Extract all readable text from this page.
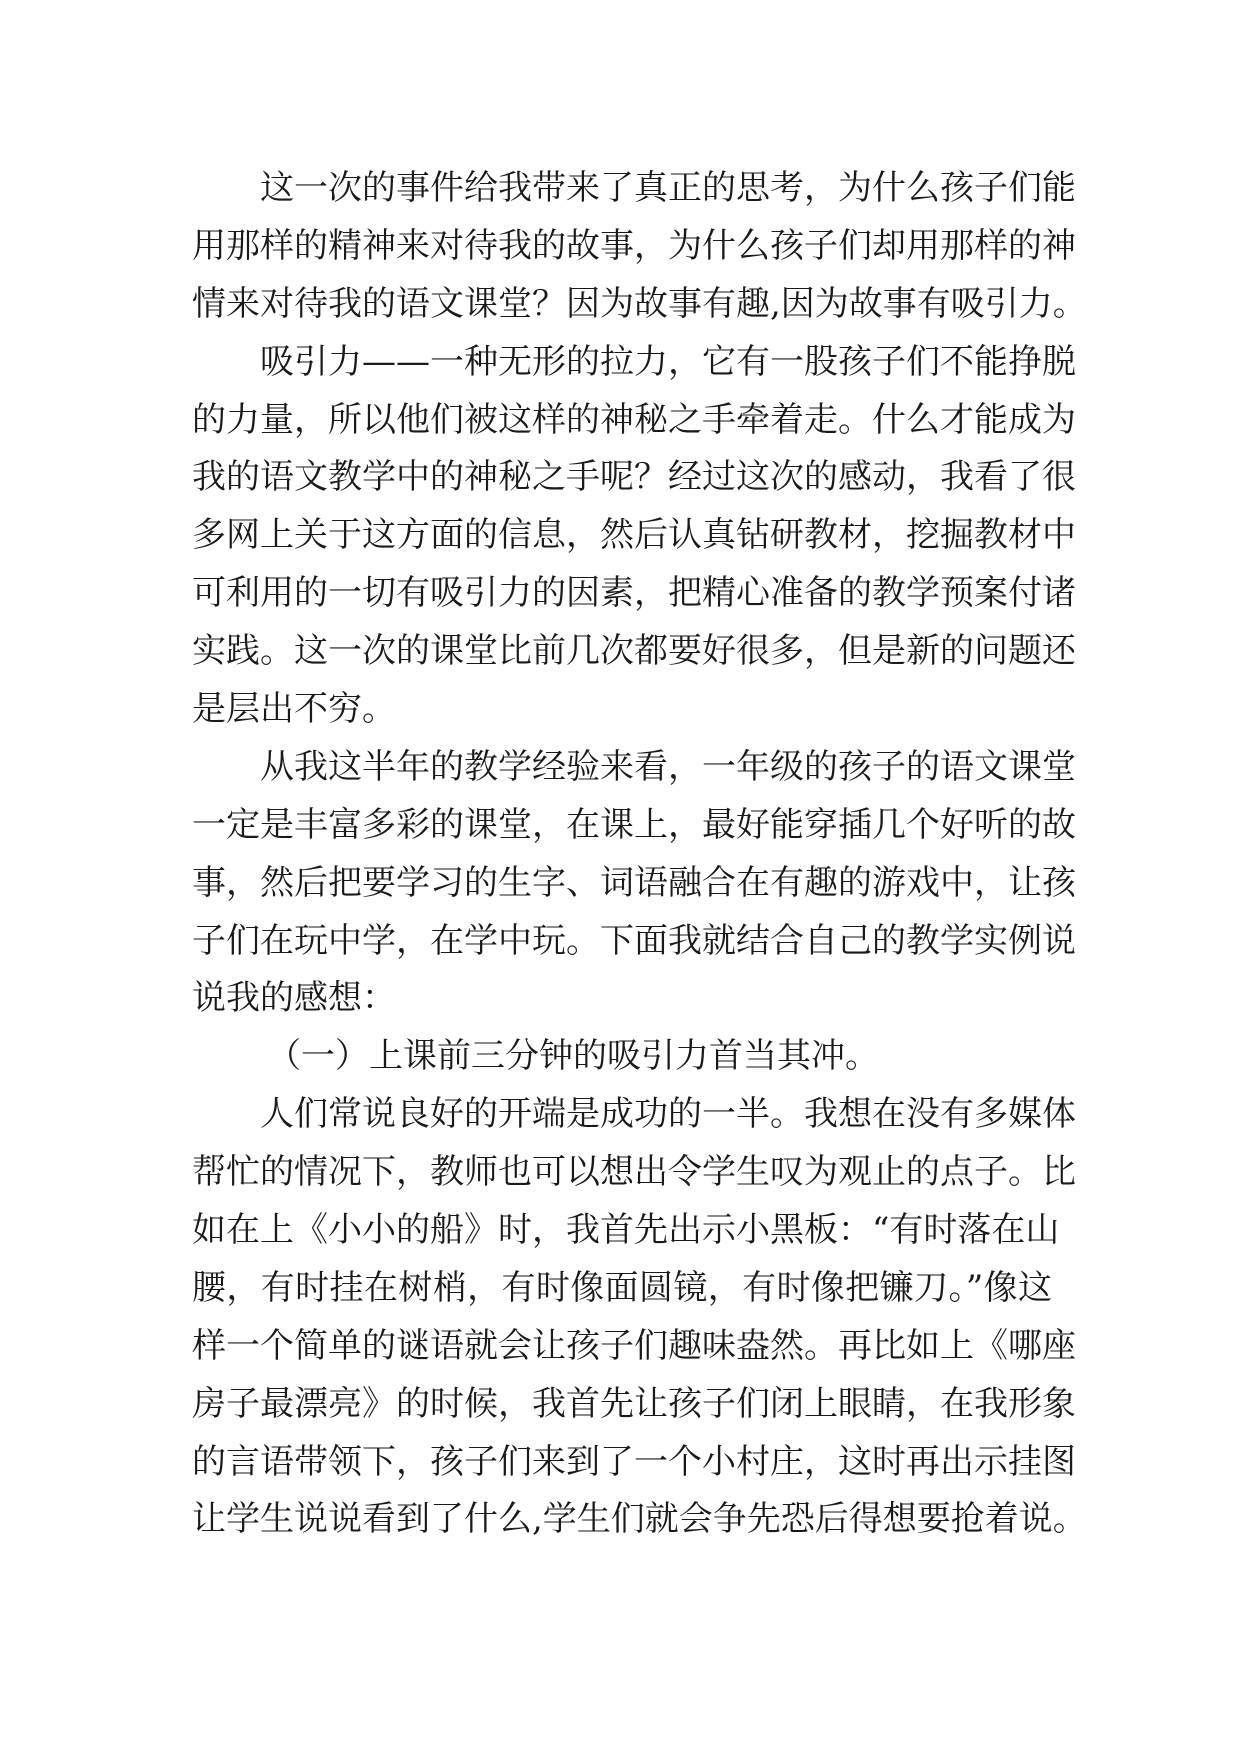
这一次的事件给我带来了真正的思考，为什么孩子们能
用那样的精神来对待我的故事，为什么孩子们却用那样的神
情来对待我的语文课堂？因为故事有趣,因为故事有吸引力。
吸引力——一种无形的拉力，它有一股孩子们不能挣脱
的力量，所以他们被这样的神秘之手牵着走。什么才能成为
我的语文教学中的神秘之手呢？经过这次的感动，我看了很
多网上关于这方面的信息，然后认真钻研教材，挖掘教材中
可利用的一切有吸引力的因素，把精心准备的教学预案付诸
实践。这一次的课堂比前几次都要好很多，但是新的问题还
是层出不穷。
从我这半年的教学经验来看，一年级的孩子的语文课堂
一定是丰富多彩的课堂，在课上，最好能穿插几个好听的故
事，然后把要学习的生字、词语融合在有趣的游戏中，让孩
子们在玩中学，在学中玩。下面我就结合自己的教学实例说
说我的感想：
（一）上课前三分钟的吸引力首当其冲。
人们常说良好的开端是成功的一半。我想在没有多媒体
帮忙的情况下，教师也可以想出令学生叹为观止的点子。比
如在上《小小的船》时，我首先出示小黑板：“有时落在山
腰，有时挂在树梢，有时像面圆镜，有时像把镰刀。”像这
样一个简单的谜语就会让孩子们趣味盎然。再比如上《哪座
房子最漂亮》的时候，我首先让孩子们闭上眼睛，在我形象
的言语带领下，孩子们来到了一个小村庄，这时再出示挂图
让学生说说看到了什么,学生们就会争先恐后得想要抢着说。
